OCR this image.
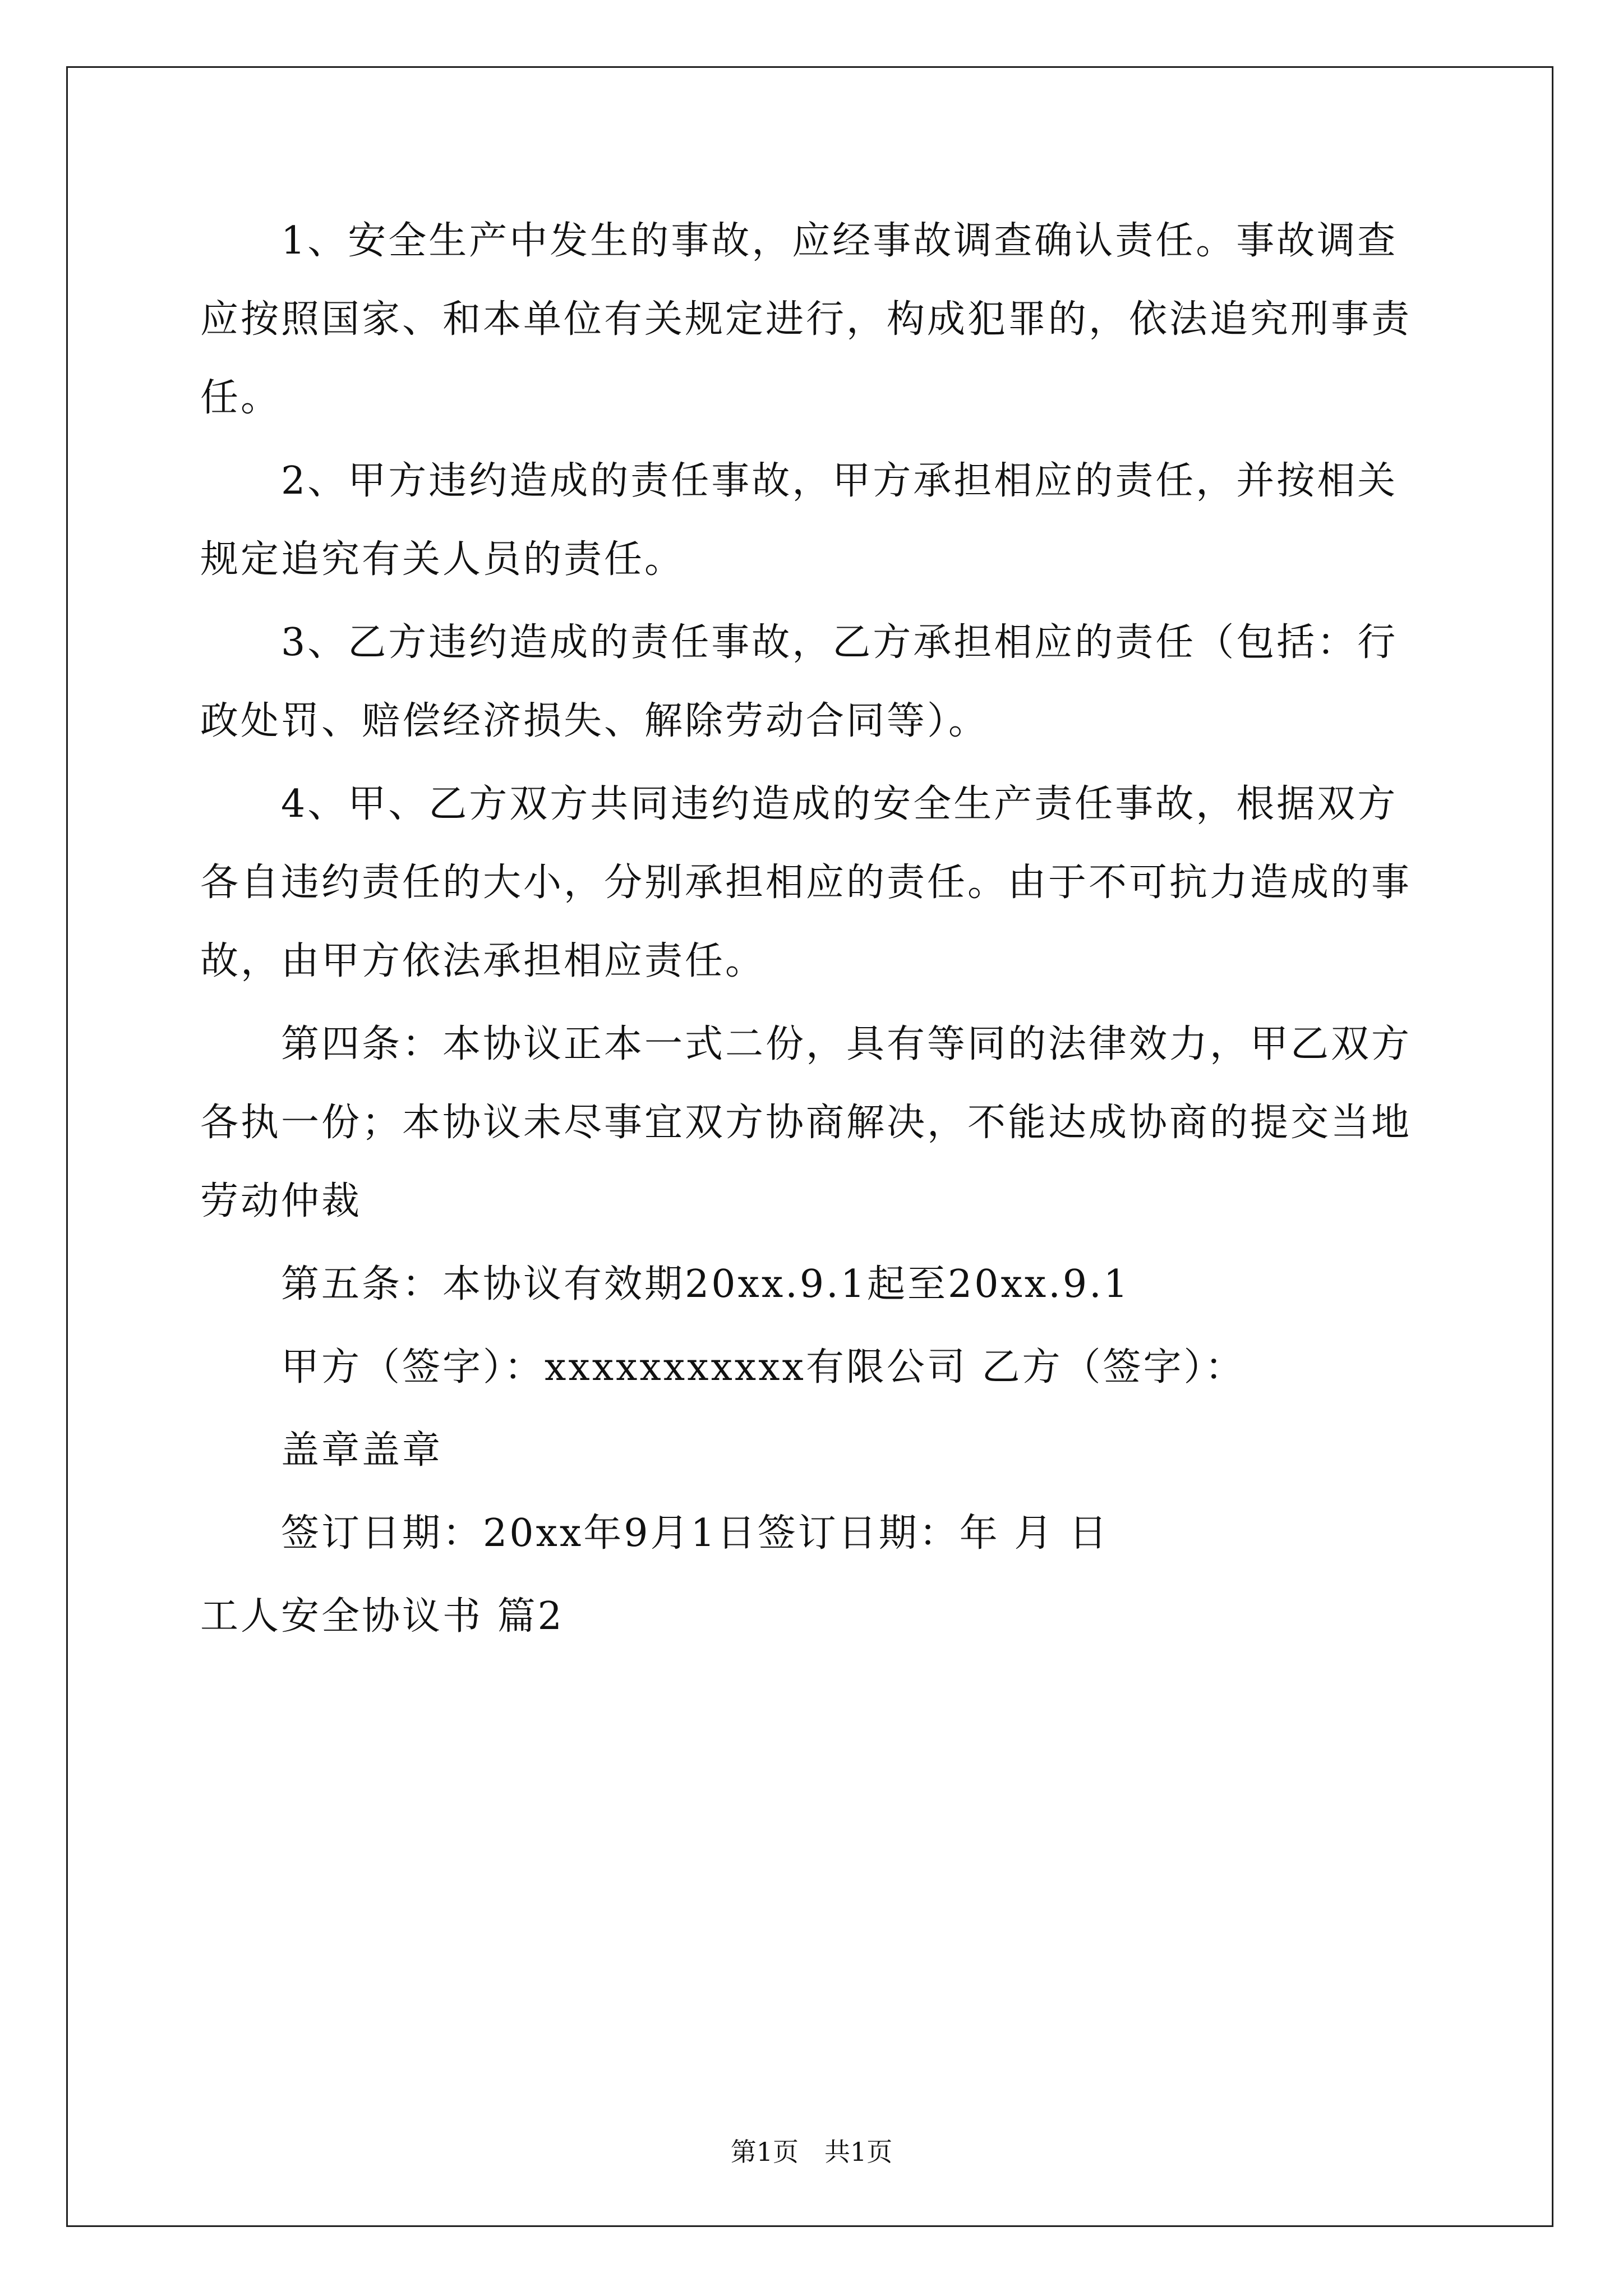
1、安全生产中发生的事故，应经事故调查确认责任。事故调查应按照国家、和本单位有关规定进行，构成犯罪的，依法追究刑事责任。

2、甲方违约造成的责任事故，甲方承担相应的责任，并按相关规定追究有关人员的责任。

3、乙方违约造成的责任事故，乙方承担相应的责任（包括：行政处罚、赔偿经济损失、解除劳动合同等）。

4、甲、乙方双方共同违约造成的安全生产责任事故，根据双方各自违约责任的大小，分别承担相应的责任。由于不可抗力造成的事故，由甲方依法承担相应责任。

第四条：本协议正本一式二份，具有等同的法律效力，甲乙双方各执一份；本协议未尽事宜双方协商解决，不能达成协商的提交当地劳动仲裁

第五条：本协议有效期20xx.9.1起至20xx.9.1

甲方（签字）：xxxxxxxxxxx有限公司 乙方（签字）：

盖章盖章

签订日期：20xx年9月1日签订日期：年 月 日

工人安全协议书 篇2

第1页　共1页
